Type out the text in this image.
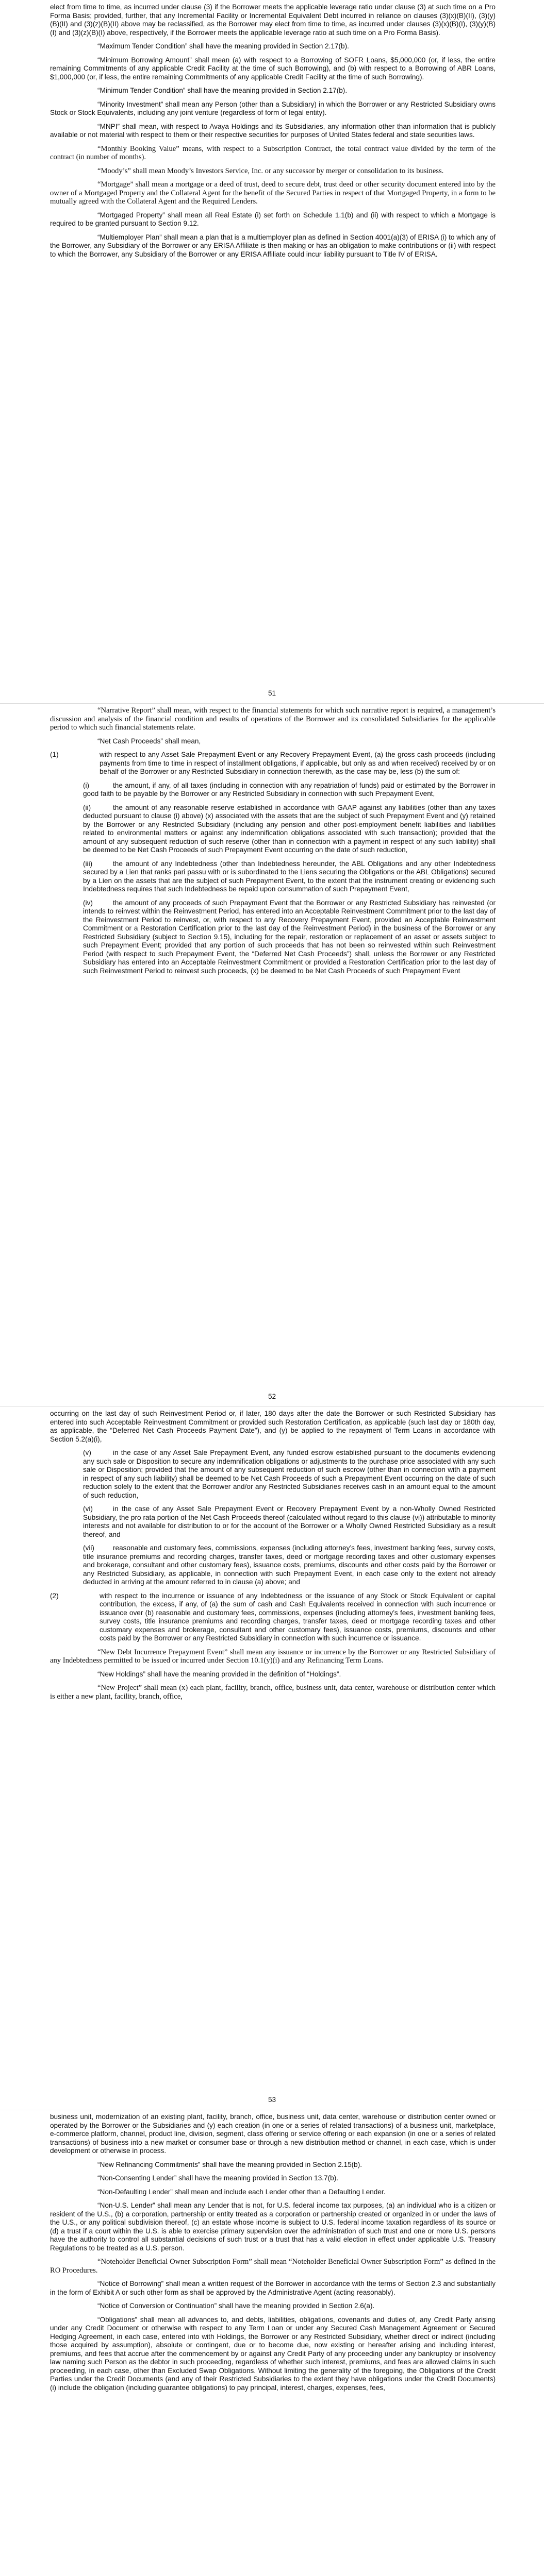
elect from time to time, as incurred under clause (3) if the Borrower meets the applicable leverage ratio under clause (3) at such time on a Pro Forma Basis; provided, further, that any Incremental Facility or Incremental Equivalent Debt incurred in reliance on clauses (3)(x)(B)(II), (3)(y)(B)(II) and (3)(z)(B)(II) above may be reclassified, as the Borrower may elect from time to time, as incurred under clauses (3)(x)(B)(I), (3)(y)(B)(I) and (3)(z)(B)(I) above, respectively, if the Borrower meets the applicable leverage ratio at such time on a Pro Forma Basis).

“Maximum Tender Condition” shall have the meaning provided in Section 2.17(b).

“Minimum Borrowing Amount” shall mean (a) with respect to a Borrowing of SOFR Loans, $5,000,000 (or, if less, the entire remaining Commitments of any applicable Credit Facility at the time of such Borrowing), and (b) with respect to a Borrowing of ABR Loans, $1,000,000 (or, if less, the entire remaining Commitments of any applicable Credit Facility at the time of such Borrowing).

“Minimum Tender Condition” shall have the meaning provided in Section 2.17(b).

“Minority Investment” shall mean any Person (other than a Subsidiary) in which the Borrower or any Restricted Subsidiary owns Stock or Stock Equivalents, including any joint venture (regardless of form of legal entity).

“MNPI” shall mean, with respect to Avaya Holdings and its Subsidiaries, any information other than information that is publicly available or not material with respect to them or their respective securities for purposes of United States federal and state securities laws.

“Monthly Booking Value” means, with respect to a Subscription Contract, the total contract value divided by the term of the contract (in number of months).

“Moody’s” shall mean Moody’s Investors Service, Inc. or any successor by merger or consolidation to its business.

“Mortgage” shall mean a mortgage or a deed of trust, deed to secure debt, trust deed or other security document entered into by the owner of a Mortgaged Property and the Collateral Agent for the benefit of the Secured Parties in respect of that Mortgaged Property, in a form to be mutually agreed with the Collateral Agent and the Required Lenders.

“Mortgaged Property” shall mean all Real Estate (i) set forth on Schedule 1.1(b) and (ii) with respect to which a Mortgage is required to be granted pursuant to Section 9.12.

“Multiemployer Plan” shall mean a plan that is a multiemployer plan as defined in Section 4001(a)(3) of ERISA (i) to which any of the Borrower, any Subsidiary of the Borrower or any ERISA Affiliate is then making or has an obligation to make contributions or (ii) with respect to which the Borrower, any Subsidiary of the Borrower or any ERISA Affiliate could incur liability pursuant to Title IV of ERISA.

51

“Narrative Report” shall mean, with respect to the financial statements for which such narrative report is required, a management’s discussion and analysis of the financial condition and results of operations of the Borrower and its consolidated Subsidiaries for the applicable period to which such financial statements relate.

“Net Cash Proceeds” shall mean,

(1)	with respect to any Asset Sale Prepayment Event or any Recovery Prepayment Event, (a) the gross cash proceeds (including payments from time to time in respect of installment obligations, if applicable, but only as and when received) received by or on behalf of the Borrower or any Restricted Subsidiary in connection therewith, as the case may be, less (b) the sum of:

(i)	the amount, if any, of all taxes (including in connection with any repatriation of funds) paid or estimated by the Borrower in good faith to be payable by the Borrower or any Restricted Subsidiary in connection with such Prepayment Event,

(ii)	the amount of any reasonable reserve established in accordance with GAAP against any liabilities (other than any taxes deducted pursuant to clause (i) above) (x) associated with the assets that are the subject of such Prepayment Event and (y) retained by the Borrower or any Restricted Subsidiary (including any pension and other post-employment benefit liabilities and liabilities related to environmental matters or against any indemnification obligations associated with such transaction); provided that the amount of any subsequent reduction of such reserve (other than in connection with a payment in respect of any such liability) shall be deemed to be Net Cash Proceeds of such Prepayment Event occurring on the date of such reduction,

(iii)	the amount of any Indebtedness (other than Indebtedness hereunder, the ABL Obligations and any other Indebtedness secured by a Lien that ranks pari passu with or is subordinated to the Liens securing the Obligations or the ABL Obligations) secured by a Lien on the assets that are the subject of such Prepayment Event, to the extent that the instrument creating or evidencing such Indebtedness requires that such Indebtedness be repaid upon consummation of such Prepayment Event,

(iv)	the amount of any proceeds of such Prepayment Event that the Borrower or any Restricted Subsidiary has reinvested (or intends to reinvest within the Reinvestment Period, has entered into an Acceptable Reinvestment Commitment prior to the last day of the Reinvestment Period to reinvest, or, with respect to any Recovery Prepayment Event, provided an Acceptable Reinvestment Commitment or a Restoration Certification prior to the last day of the Reinvestment Period) in the business of the Borrower or any Restricted Subsidiary (subject to Section 9.15), including for the repair, restoration or replacement of an asset or assets subject to such Prepayment Event; provided that any portion of such proceeds that has not been so reinvested within such Reinvestment Period (with respect to such Prepayment Event, the “Deferred Net Cash Proceeds”) shall, unless the Borrower or any Restricted Subsidiary has entered into an Acceptable Reinvestment Commitment or provided a Restoration Certification prior to the last day of such Reinvestment Period to reinvest such proceeds, (x) be deemed to be Net Cash Proceeds of such Prepayment Event

52

occurring on the last day of such Reinvestment Period or, if later, 180 days after the date the Borrower or such Restricted Subsidiary has entered into such Acceptable Reinvestment Commitment or provided such Restoration Certification, as applicable (such last day or 180th day, as applicable, the “Deferred Net Cash Proceeds Payment Date”), and (y) be applied to the repayment of Term Loans in accordance with Section 5.2(a)(i),

(v)	in the case of any Asset Sale Prepayment Event, any funded escrow established pursuant to the documents evidencing any such sale or Disposition to secure any indemnification obligations or adjustments to the purchase price associated with any such sale or Disposition; provided that the amount of any subsequent reduction of such escrow (other than in connection with a payment in respect of any such liability) shall be deemed to be Net Cash Proceeds of such a Prepayment Event occurring on the date of such reduction solely to the extent that the Borrower and/or any Restricted Subsidiaries receives cash in an amount equal to the amount of such reduction,

(vi)	in the case of any Asset Sale Prepayment Event or Recovery Prepayment Event by a non-Wholly Owned Restricted Subsidiary, the pro rata portion of the Net Cash Proceeds thereof (calculated without regard to this clause (vi)) attributable to minority interests and not available for distribution to or for the account of the Borrower or a Wholly Owned Restricted Subsidiary as a result thereof, and

(vii)	reasonable and customary fees, commissions, expenses (including attorney’s fees, investment banking fees, survey costs, title insurance premiums and recording charges, transfer taxes, deed or mortgage recording taxes and other customary expenses and brokerage, consultant and other customary fees), issuance costs, premiums, discounts and other costs paid by the Borrower or any Restricted Subsidiary, as applicable, in connection with such Prepayment Event, in each case only to the extent not already deducted in arriving at the amount referred to in clause (a) above; and

(2)	with respect to the incurrence or issuance of any Indebtedness or the issuance of any Stock or Stock Equivalent or capital contribution, the excess, if any, of (a) the sum of cash and Cash Equivalents received in connection with such incurrence or issuance over (b) reasonable and customary fees, commissions, expenses (including attorney’s fees, investment banking fees, survey costs, title insurance premiums and recording charges, transfer taxes, deed or mortgage recording taxes and other customary expenses and brokerage, consultant and other customary fees), issuance costs, premiums, discounts and other costs paid by the Borrower or any Restricted Subsidiary in connection with such incurrence or issuance.

“New Debt Incurrence Prepayment Event” shall mean any issuance or incurrence by the Borrower or any Restricted Subsidiary of any Indebtedness permitted to be issued or incurred under Section 10.1(y)(i) and any Refinancing Term Loans.

“New Holdings” shall have the meaning provided in the definition of “Holdings”.

“New Project” shall mean (x) each plant, facility, branch, office, business unit, data center, warehouse or distribution center which is either a new plant, facility, branch, office,

53

business unit, modernization of an existing plant, facility, branch, office, business unit, data center, warehouse or distribution center owned or operated by the Borrower or the Subsidiaries and (y) each creation (in one or a series of related transactions) of a business unit, marketplace, e-commerce platform, channel, product line, division, segment, class offering or service offering or each expansion (in one or a series of related transactions) of business into a new market or consumer base or through a new distribution method or channel, in each case, which is under development or otherwise in process.

“New Refinancing Commitments” shall have the meaning provided in Section 2.15(b).

“Non-Consenting Lender” shall have the meaning provided in Section 13.7(b).

“Non-Defaulting Lender” shall mean and include each Lender other than a Defaulting Lender.

“Non-U.S. Lender” shall mean any Lender that is not, for U.S. federal income tax purposes, (a) an individual who is a citizen or resident of the U.S., (b) a corporation, partnership or entity treated as a corporation or partnership created or organized in or under the laws of the U.S., or any political subdivision thereof, (c) an estate whose income is subject to U.S. federal income taxation regardless of its source or (d) a trust if a court within the U.S. is able to exercise primary supervision over the administration of such trust and one or more U.S. persons have the authority to control all substantial decisions of such trust or a trust that has a valid election in effect under applicable U.S. Treasury Regulations to be treated as a U.S. person.

“Noteholder Beneficial Owner Subscription Form” shall mean “Noteholder Beneficial Owner Subscription Form” as defined in the RO Procedures.

“Notice of Borrowing” shall mean a written request of the Borrower in accordance with the terms of Section 2.3 and substantially in the form of Exhibit A or such other form as shall be approved by the Administrative Agent (acting reasonably).

“Notice of Conversion or Continuation” shall have the meaning provided in Section 2.6(a).

“Obligations” shall mean all advances to, and debts, liabilities, obligations, covenants and duties of, any Credit Party arising under any Credit Document or otherwise with respect to any Term Loan or under any Secured Cash Management Agreement or Secured Hedging Agreement, in each case, entered into with Holdings, the Borrower or any Restricted Subsidiary, whether direct or indirect (including those acquired by assumption), absolute or contingent, due or to become due, now existing or hereafter arising and including interest, premiums, and fees that accrue after the commencement by or against any Credit Party of any proceeding under any bankruptcy or insolvency law naming such Person as the debtor in such proceeding, regardless of whether such interest, premiums, and fees are allowed claims in such proceeding, in each case, other than Excluded Swap Obligations. Without limiting the generality of the foregoing, the Obligations of the Credit Parties under the Credit Documents (and any of their Restricted Subsidiaries to the extent they have obligations under the Credit Documents) (i) include the obligation (including guarantee obligations) to pay principal, interest, charges, expenses, fees,
